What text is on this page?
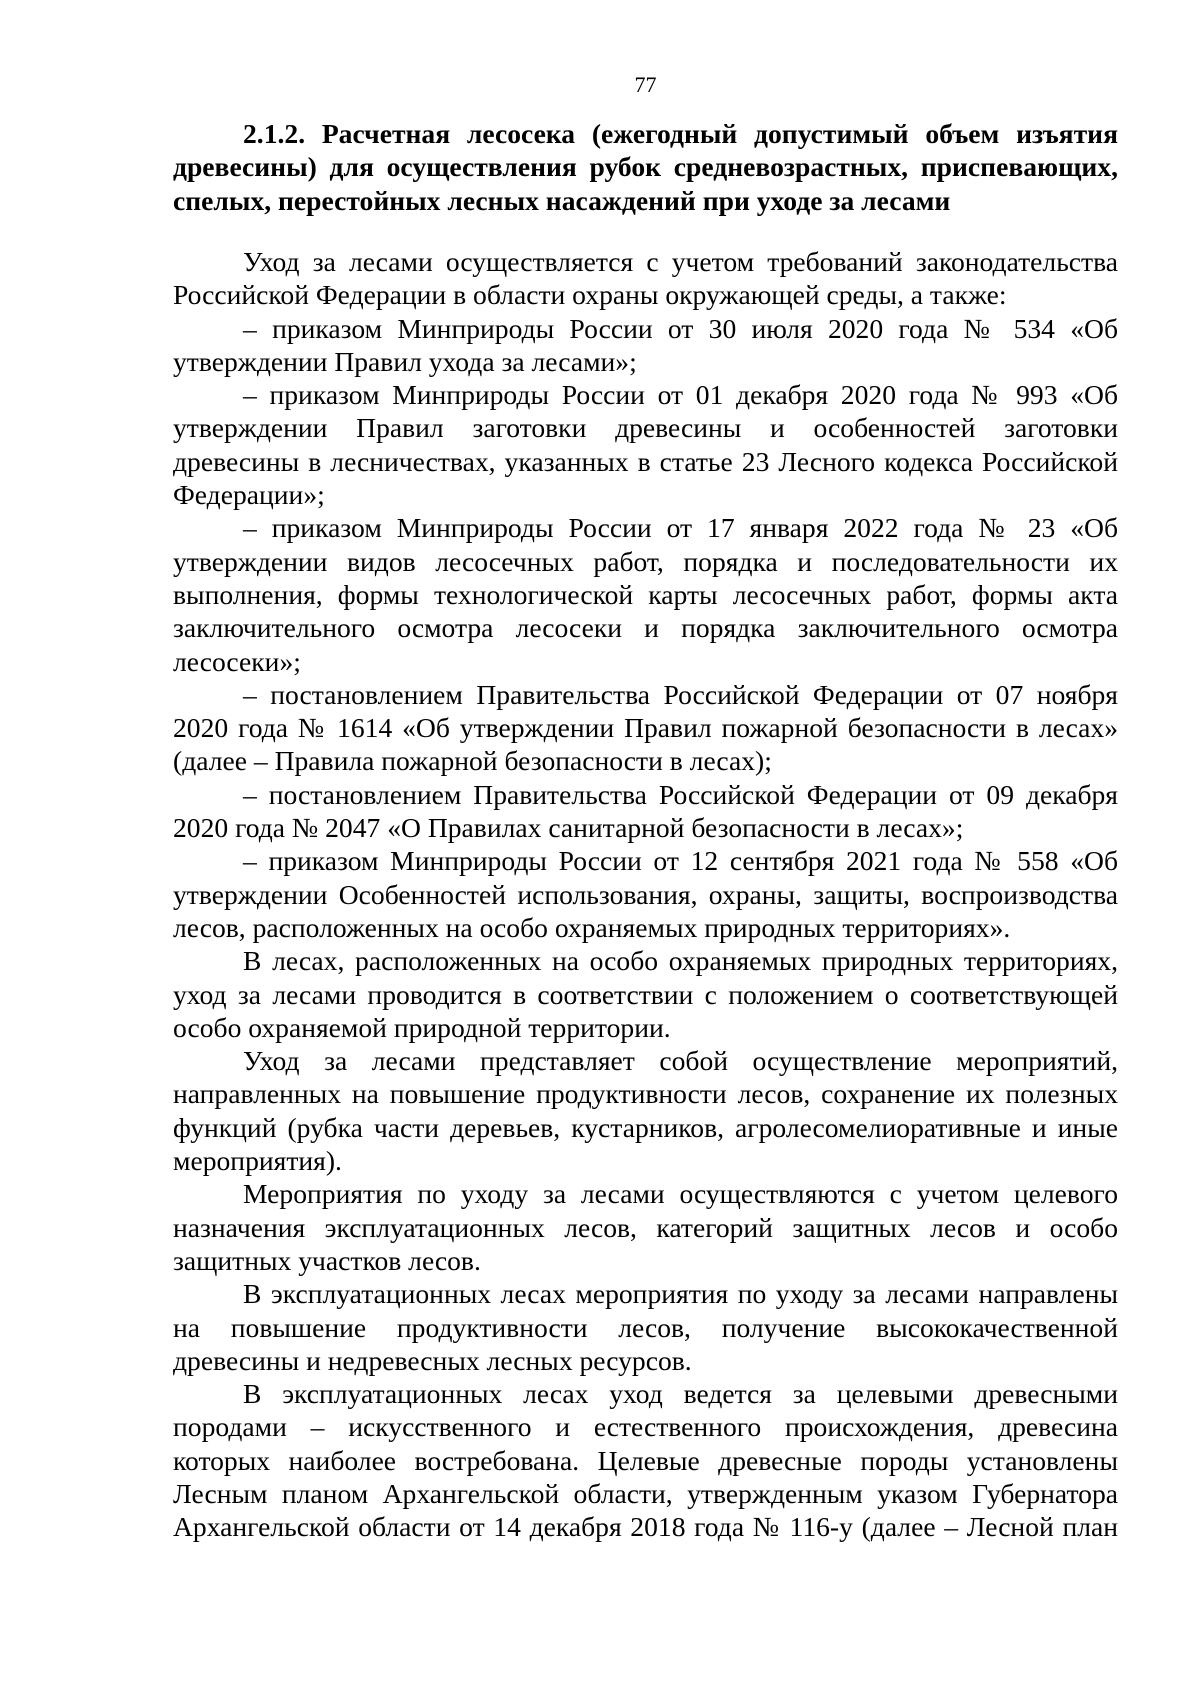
77
2.1.2. Расчетная лесосека (ежегодный допустимый объем изъятия древесины) для осуществления рубок средневозрастных, приспевающих, спелых, перестойных лесных насаждений при уходе за лесами

Уход за лесами осуществляется с учетом требований законодательства Российской Федерации в области охраны окружающей среды, а также:

– приказом Минприроды России от 30 июля 2020 года № 534 «Об утверждении Правил ухода за лесами»;

– приказом Минприроды России от 01 декабря 2020 года № 993 «Об утверждении Правил заготовки древесины и особенностей заготовки древесины в лесничествах, указанных в статье 23 Лесного кодекса Российской Федерации»;

– приказом Минприроды России от 17 января 2022 года № 23 «Об утверждении видов лесосечных работ, порядка и последовательности их выполнения, формы технологической карты лесосечных работ, формы акта заключительного осмотра лесосеки и порядка заключительного осмотра лесосеки»;

– постановлением Правительства Российской Федерации от 07 ноября 2020 года № 1614 «Об утверждении Правил пожарной безопасности в лесах» (далее – Правила пожарной безопасности в лесах);

– постановлением Правительства Российской Федерации от 09 декабря 2020 года № 2047 «О Правилах санитарной безопасности в лесах»;

– приказом Минприроды России от 12 сентября 2021 года № 558 «Об утверждении Особенностей использования, охраны, защиты, воспроизводства лесов, расположенных на особо охраняемых природных территориях».

В лесах, расположенных на особо охраняемых природных территориях, уход за лесами проводится в соответствии с положением о соответствующей особо охраняемой природной территории.

Уход за лесами представляет собой осуществление мероприятий, направленных на повышение продуктивности лесов, сохранение их полезных функций (рубка части деревьев, кустарников, агролесомелиоративные и иные мероприятия).

Мероприятия по уходу за лесами осуществляются с учетом целевого назначения эксплуатационных лесов, категорий защитных лесов и особо защитных участков лесов.

В эксплуатационных лесах мероприятия по уходу за лесами направлены на повышение продуктивности лесов, получение высококачественной древесины и недревесных лесных ресурсов.

В эксплуатационных лесах уход ведется за целевыми древесными породами – искусственного и естественного происхождения, древесина которых наиболее востребована. Целевые древесные породы установлены Лесным планом Архангельской области, утвержденным указом Губернатора Архангельской области от 14 декабря 2018 года № 116-у (далее – Лесной план
